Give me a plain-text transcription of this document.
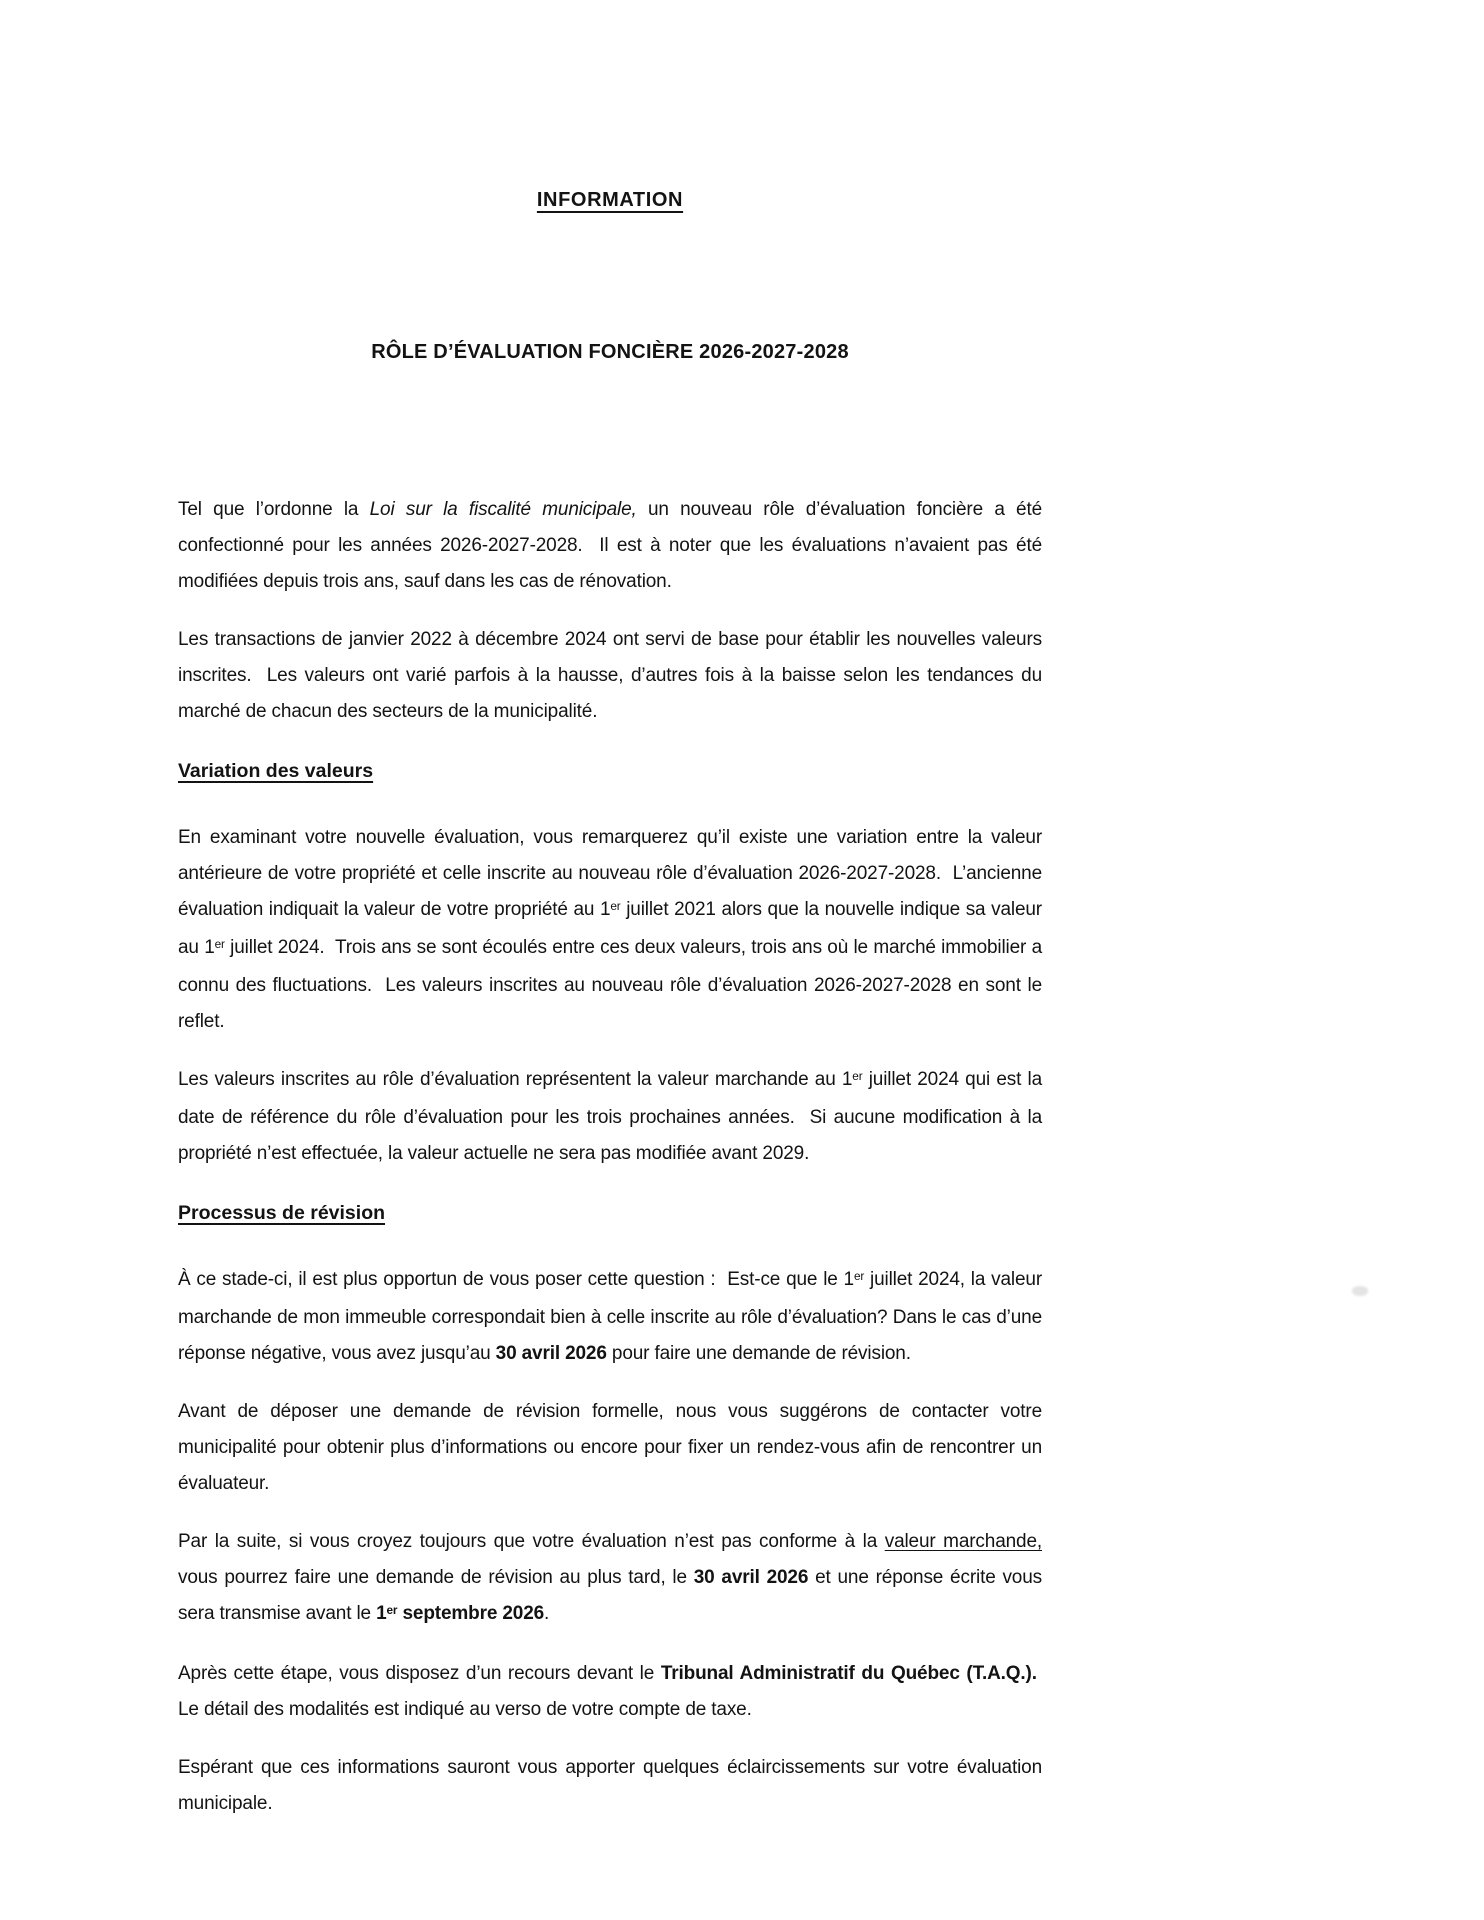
INFORMATION
RÔLE D’ÉVALUATION FONCIÈRE 2026-2027-2028

Tel que l’ordonne la Loi sur la fiscalité municipale, un nouveau rôle d’évaluation foncière a été confectionné pour les années 2026-2027-2028.  Il est à noter que les évaluations n’avaient pas été modifiées depuis trois ans, sauf dans les cas de rénovation.

Les transactions de janvier 2022 à décembre 2024 ont servi de base pour établir les nouvelles valeurs inscrites.  Les valeurs ont varié parfois à la hausse, d’autres fois à la baisse selon les tendances du marché de chacun des secteurs de la municipalité.

Variation des valeurs

En examinant votre nouvelle évaluation, vous remarquerez qu’il existe une variation entre la valeur antérieure de votre propriété et celle inscrite au nouveau rôle d’évaluation 2026-2027-2028.  L’ancienne évaluation indiquait la valeur de votre propriété au 1er juillet 2021 alors que la nouvelle indique sa valeur au 1er juillet 2024.  Trois ans se sont écoulés entre ces deux valeurs, trois ans où le marché immobilier a connu des fluctuations.  Les valeurs inscrites au nouveau rôle d’évaluation 2026-2027-2028 en sont le reflet.

Les valeurs inscrites au rôle d’évaluation représentent la valeur marchande au 1er juillet 2024 qui est la date de référence du rôle d’évaluation pour les trois prochaines années.  Si aucune modification à la propriété n’est effectuée, la valeur actuelle ne sera pas modifiée avant 2029.

Processus de révision

À ce stade-ci, il est plus opportun de vous poser cette question :  Est-ce que le 1er juillet 2024, la valeur marchande de mon immeuble correspondait bien à celle inscrite au rôle d’évaluation? Dans le cas d’une réponse négative, vous avez jusqu’au 30 avril 2026 pour faire une demande de révision.

Avant de déposer une demande de révision formelle, nous vous suggérons de contacter votre municipalité pour obtenir plus d’informations ou encore pour fixer un rendez-vous afin de rencontrer un évaluateur.

Par la suite, si vous croyez toujours que votre évaluation n’est pas conforme à la valeur marchande, vous pourrez faire une demande de révision au plus tard, le 30 avril 2026 et une réponse écrite vous sera transmise avant le 1er septembre 2026.

Après cette étape, vous disposez d’un recours devant le Tribunal Administratif du Québec (T.A.Q.).  Le détail des modalités est indiqué au verso de votre compte de taxe.

Espérant que ces informations sauront vous apporter quelques éclaircissements sur votre évaluation municipale.
